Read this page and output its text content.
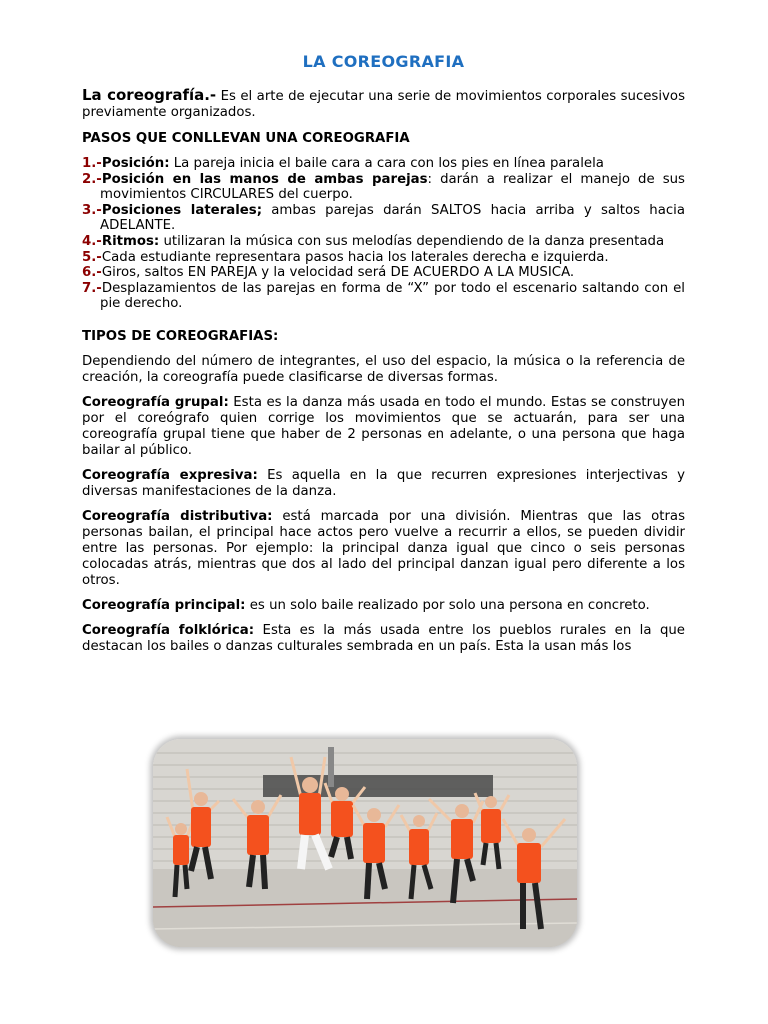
LA COREOGRAFIA

La coreografía.- Es el arte de ejecutar una serie de movimientos corporales sucesivos previamente organizados.

PASOS QUE CONLLEVAN UNA COREOGRAFIA
1.-Posición: La pareja inicia el baile cara a cara con los pies en línea paralela
2.-Posición en las manos de ambas parejas: darán a realizar el manejo de sus movimientos CIRCULARES del cuerpo.
3.-Posiciones laterales; ambas parejas darán SALTOS hacia arriba y saltos hacia ADELANTE.
4.-Ritmos: utilizaran la música con sus melodías dependiendo de la danza presentada
5.-Cada estudiante representara pasos hacia los laterales derecha e izquierda.
6.-Giros, saltos EN PAREJA y la velocidad será DE ACUERDO A LA MUSICA.
7.-Desplazamientos de las parejas en forma de “X” por todo el escenario saltando con el pie derecho.
TIPOS DE COREOGRAFIAS:

Dependiendo del número de integrantes, el uso del espacio, la música o la referencia de creación, la coreografía puede clasificarse de diversas formas.

Coreografía grupal: Esta es la danza más usada en todo el mundo. Estas se construyen por el coreógrafo quien corrige los movimientos que se actuarán, para ser una coreografía grupal tiene que haber de 2 personas en adelante, o una persona que haga bailar al público.

Coreografía expresiva: Es aquella en la que recurren expresiones interjectivas y diversas manifestaciones de la danza.

Coreografía distributiva: está marcada por una división. Mientras que las otras personas bailan, el principal hace actos pero vuelve a recurrir a ellos, se pueden dividir entre las personas. Por ejemplo: la principal danza igual que cinco o seis personas colocadas atrás, mientras que dos al lado del principal danzan igual pero diferente a los otros.

Coreografía principal: es un solo baile realizado por solo una persona en concreto.

Coreografía folklórica: Esta es la más usada entre los pueblos rurales en la que destacan los bailes o danzas culturales sembrada en un país. Esta la usan más los
